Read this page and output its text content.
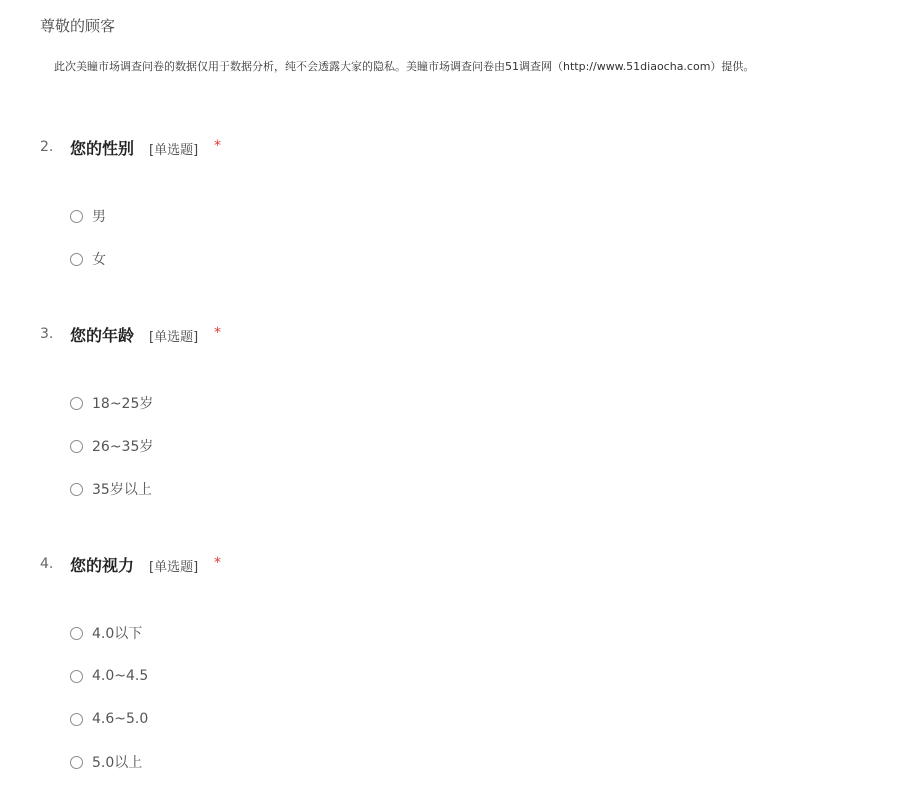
尊敬的顾客
此次美瞳市场调查问卷的数据仅用于数据分析，纯不会透露大家的隐私。美瞳市场调查问卷由51调查网（http://www.51diaocha.com）提供。
2. 您的性别 [单选题] *
男
女
3. 您的年龄 [单选题] *
18~25岁
26~35岁
35岁以上
4. 您的视力 [单选题] *
4.0以下
4.0~4.5
4.6~5.0
5.0以上
